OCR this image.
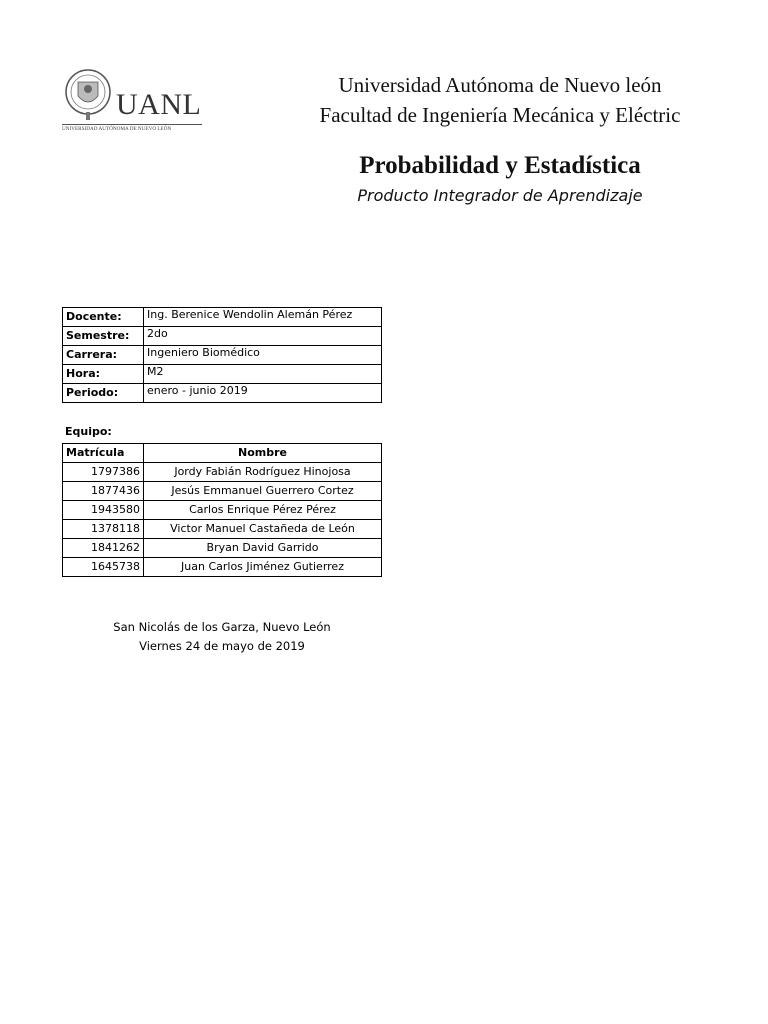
UANL
UNIVERSIDAD AUTÓNOMA DE NUEVO LEÓN
Universidad Autónoma de Nuevo león
Facultad de Ingeniería Mecánica y Eléctric
Probabilidad y Estadística
Producto Integrador de Aprendizaje
Docente:	Ing. Berenice Wendolin Alemán Pérez
Semestre:	2do
Carrera:	Ingeniero Biomédico
Hora:	M2
Periodo:	enero - junio 2019
Equipo:
Matrícula	Nombre
1797386	Jordy Fabián Rodríguez Hinojosa
1877436	Jesús Emmanuel Guerrero Cortez
1943580	Carlos Enrique Pérez Pérez
1378118	Victor Manuel Castañeda de León
1841262	Bryan David Garrido
1645738	Juan Carlos Jiménez Gutierrez
San Nicolás de los Garza, Nuevo León
Viernes 24 de mayo de 2019
